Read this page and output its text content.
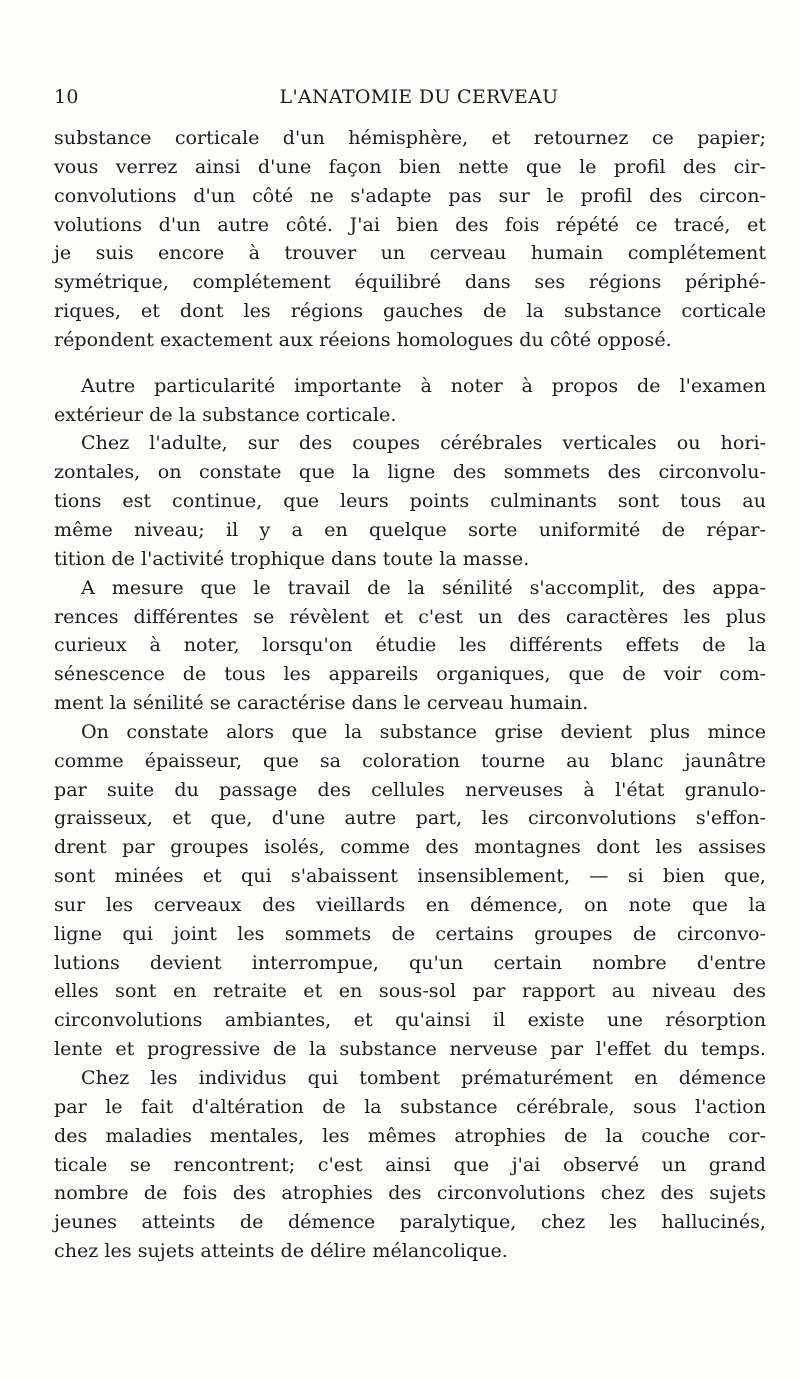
10	L'ANATOMIE DU CERVEAU
substance corticale d'un hémisphère, et retournez ce papier;
vous verrez ainsi d'une façon bien nette que le profil des cir-
convolutions d'un côté ne s'adapte pas sur le profil des circon-
volutions d'un autre côté. J'ai bien des fois répété ce tracé, et
je suis encore à trouver un cerveau humain complétement
symétrique, complétement équilibré dans ses régions périphé-
riques, et dont les régions gauches de la substance corticale
répondent exactement aux réeions homologues du côté opposé.
Autre particularité importante à noter à propos de l'examen
extérieur de la substance corticale.
Chez l'adulte, sur des coupes cérébrales verticales ou hori-
zontales, on constate que la ligne des sommets des circonvolu-
tions est continue, que leurs points culminants sont tous au
même niveau; il y a en quelque sorte uniformité de répar-
tition de l'activité trophique dans toute la masse.
A mesure que le travail de la sénilité s'accomplit, des appa-
rences différentes se révèlent et c'est un des caractères les plus
curieux à noter, lorsqu'on étudie les différents effets de la
sénescence de tous les appareils organiques, que de voir com-
ment la sénilité se caractérise dans le cerveau humain.
On constate alors que la substance grise devient plus mince
comme épaisseur, que sa coloration tourne au blanc jaunâtre
par suite du passage des cellules nerveuses à l'état granulo-
graisseux, et que, d'une autre part, les circonvolutions s'effon-
drent par groupes isolés, comme des montagnes dont les assises
sont minées et qui s'abaissent insensiblement, — si bien que,
sur les cerveaux des vieillards en démence, on note que la
ligne qui joint les sommets de certains groupes de circonvo-
lutions devient interrompue, qu'un certain nombre d'entre
elles sont en retraite et en sous-sol par rapport au niveau des
circonvolutions ambiantes, et qu'ainsi il existe une résorption
lente et progressive de la substance nerveuse par l'effet du temps.
Chez les individus qui tombent prématurément en démence
par le fait d'altération de la substance cérébrale, sous l'action
des maladies mentales, les mêmes atrophies de la couche cor-
ticale se rencontrent; c'est ainsi que j'ai observé un grand
nombre de fois des atrophies des circonvolutions chez des sujets
jeunes atteints de démence paralytique, chez les hallucinés,
chez les sujets atteints de délire mélancolique.
